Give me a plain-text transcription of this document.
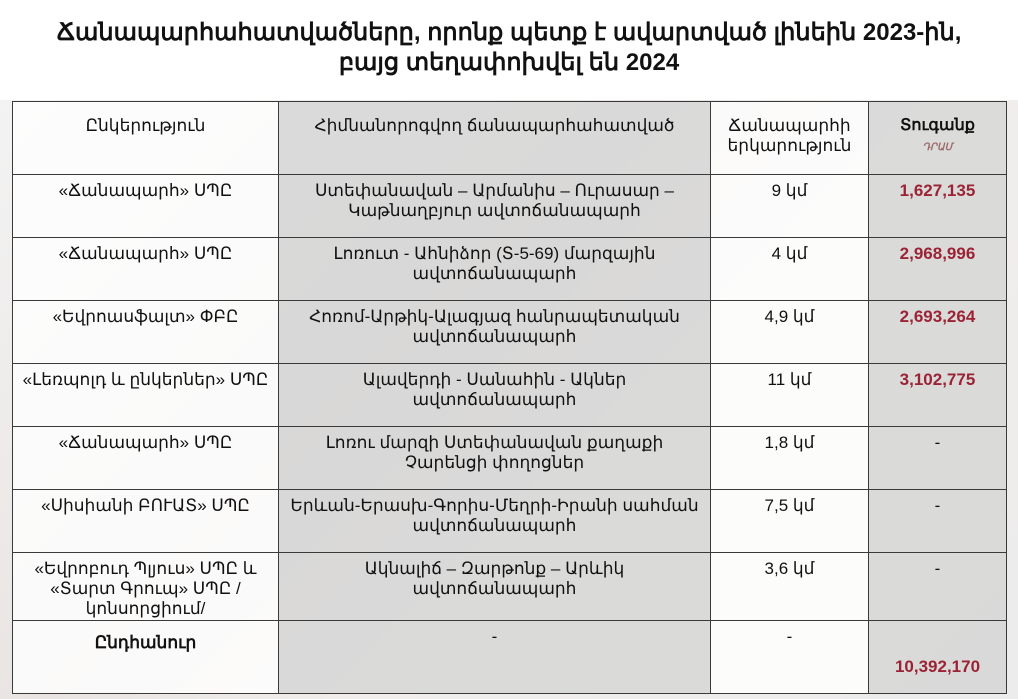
Ճանապարհահատվածները, որոնք պետք է ավարտված լինեին 2023-ին,
բայց տեղափոխվել են 2024
Ընկերություն	Հիմնանորոգվող ճանապարհահատված	Ճանապարհի երկարություն	Տուգանք
ԴՐԱՄ

«Ճանապարհ» ՍՊԸ	Ստեփանավան – Արմանիս – Ուրասար – Կաթնաղբյուր ավտոճանապարհ	9 կմ	1,627,135
«Ճանապարհ» ՍՊԸ	Լոռուտ - Ահնիձոր (Տ-5-69) մարզային ավտոճանապարհ	4 կմ	2,968,996
«Եվրոասֆալտ» ՓԲԸ	Հոռոմ-Արթիկ-Ալագյազ հանրապետական ավտոճանապարհ	4,9 կմ	2,693,264
«Լեռպոլդ և ընկերներ» ՍՊԸ	Ալավերդի - Սանահին - Ակներ ավտոճանապարհ	11 կմ	3,102,775
«Ճանապարհ» ՍՊԸ	Լոռու մարզի Ստեփանավան քաղաքի Չարենցի փողոցներ	1,8 կմ	-
«Սիսիանի ԲՈՒԱՏ» ՍՊԸ	Երևան-Երասխ-Գորիս-Մեղրի-Իրանի սահման ավտոճանապարհ	7,5 կմ	-
«Եվրոբուդ Պլյուս» ՍՊԸ և «Տարտ Գրուպ» ՍՊԸ /կոնսորցիում/	Ակնալիճ – Զարթոնք – Արևիկ ավտոճանապարհ	3,6 կմ	-
Ընդհանուր	-	-	10,392,170
